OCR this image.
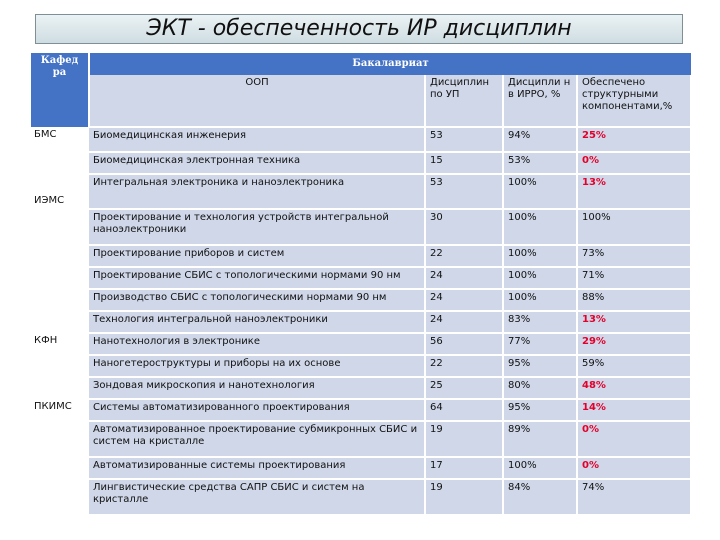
ЭКТ - обеспеченность ИР дисциплин
Кафед ра	Бакалавриат			
	ООП	Дисциплин по УП	Дисципли н в ИРРО, %	Обеспечено структурными компонентами,%
БМС	Биомедицинская инженерия	53	94%	25%
	Биомедицинская электронная техника	15	53%	0%
ИЭМС	Интегральная электроника и наноэлектроника	53	100%	13%
	Проектирование и технология устройств интегральной наноэлектроники	30	100%	100%
	Проектирование приборов и систем	22	100%	73%
	Проектирование СБИС с топологическими нормами 90 нм	24	100%	71%
	Производство СБИС с топологическими нормами 90 нм	24	100%	88%
	Технология интегральной наноэлектроники	24	83%	13%
КФН	Нанотехнология в электронике	56	77%	29%
	Наногетероструктуры и приборы на их основе	22	95%	59%
	Зондовая микроскопия и нанотехнология	25	80%	48%
ПКИМС	Системы автоматизированного проектирования	64	95%	14%
	Автоматизированное проектирование субмикронных СБИС и систем на кристалле	19	89%	0%
	Автоматизированные системы проектирования	17	100%	0%
	Лингвистические средства САПР СБИС и систем на кристалле	19	84%	74%
